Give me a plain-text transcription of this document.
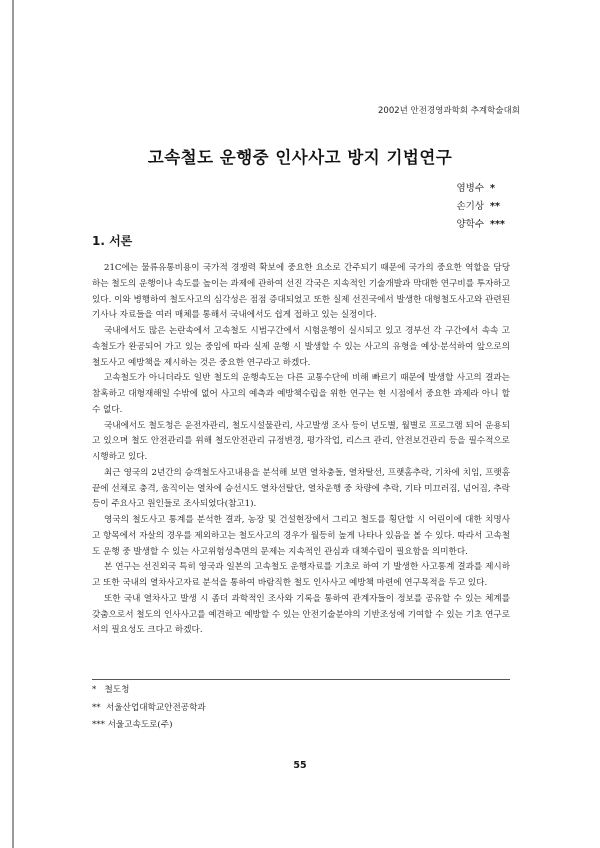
2002년 안전경영과학회 추계학술대회
고속철도 운행중 인사사고 방지 기법연구
염병수 *
손기상 **
양학수 ***
1. 서론

21C에는 물류유통비용이 국가적 경쟁력 확보에 중요한 요소로 간주되기 때문에 국가의 중요한 역할을 담당하는 철도의 운행이나 속도를 높이는 과제에 관하여 선진 각국은 지속적인 기술개발과 막대한 연구비를 투자하고 있다. 이와 병행하여 철도사고의 심각성은 점점 증대되었고 또한 실제 선진국에서 발생한 대형철도사고와 관련된 기사나 자료들을 여러 매체를 통해서 국내에서도 쉽게 접하고 있는 실정이다.

국내에서도 많은 논란속에서 고속철도 시범구간에서 시험운행이 실시되고 있고 경부선 각 구간에서 속속 고속철도가 완공되어 가고 있는 중임에 따라 실제 운행 시 발생할 수 있는 사고의 유형을 예상·분석하여 앞으로의 철도사고 예방책을 제시하는 것은 중요한 연구라고 하겠다.

고속철도가 아니더라도 일반 철도의 운행속도는 다른 교통수단에 비해 빠르기 때문에 발생할 사고의 결과는 참혹하고 대형재해일 수밖에 없어 사고의 예측과 예방책수립을 위한 연구는 현 시점에서 중요한 과제라 아니 할 수 없다.

국내에서도 철도청은 운전자관리, 철도시설물관리, 사고발생 조사 등이 년도별, 월별로 프로그램 되어 운용되고 있으며 철도 안전관리를 위해 철도안전관리 규정변경, 평가작업, 리스크 관리, 안전보건관리 등을 필수적으로 시행하고 있다.

최근 영국의 2년간의 승객철도사고내용을 분석해 보면 열차충돌, 열차탈선, 프랫홈추락, 기차에 치임, 프랫홈 끝에 선채로 충격, 움직이는 열차에 승선시도 열차선탈단, 열차운행 중 차량에 추락, 기타 미끄러짐, 넘어짐, 추락 등이 주요사고 원인들로 조사되었다(참고1).

영국의 철도사고 통계를 분석한 결과, 농장 및 건설현장에서 그리고 철도를 횡단할 시 어린이에 대한 치명사고 항목에서 자살의 경우를 제외하고는 철도사고의 경우가 월등히 높게 나타나 있음을 볼 수 있다. 따라서 고속철도 운행 중 발생할 수 있는 사고위험성측면의 문제는 지속적인 관심과 대책수립이 필요함을 의미한다.

본 연구는 선진외국 특히 영국과 일본의 고속철도 운행자료를 기초로 하여 기 발생한 사고통계 결과를 제시하고 또한 국내의 열차사고자료 분석을 통하여 바람직한 철도 인사사고 예방책 마련에 연구목적을 두고 있다.

또한 국내 열차사고 발생 시 좀더 과학적인 조사와 기록을 통하여 관계자들이 정보를 공유할 수 있는 체계를 갖춤으로서 철도의 인사사고를 예견하고 예방할 수 있는 안전기술분야의 기반조성에 기여할 수 있는 기초 연구로서의 필요성도 크다고 하겠다.

*   철도청
**  서울산업대학교안전공학과
*** 서울고속도로(주)
55
